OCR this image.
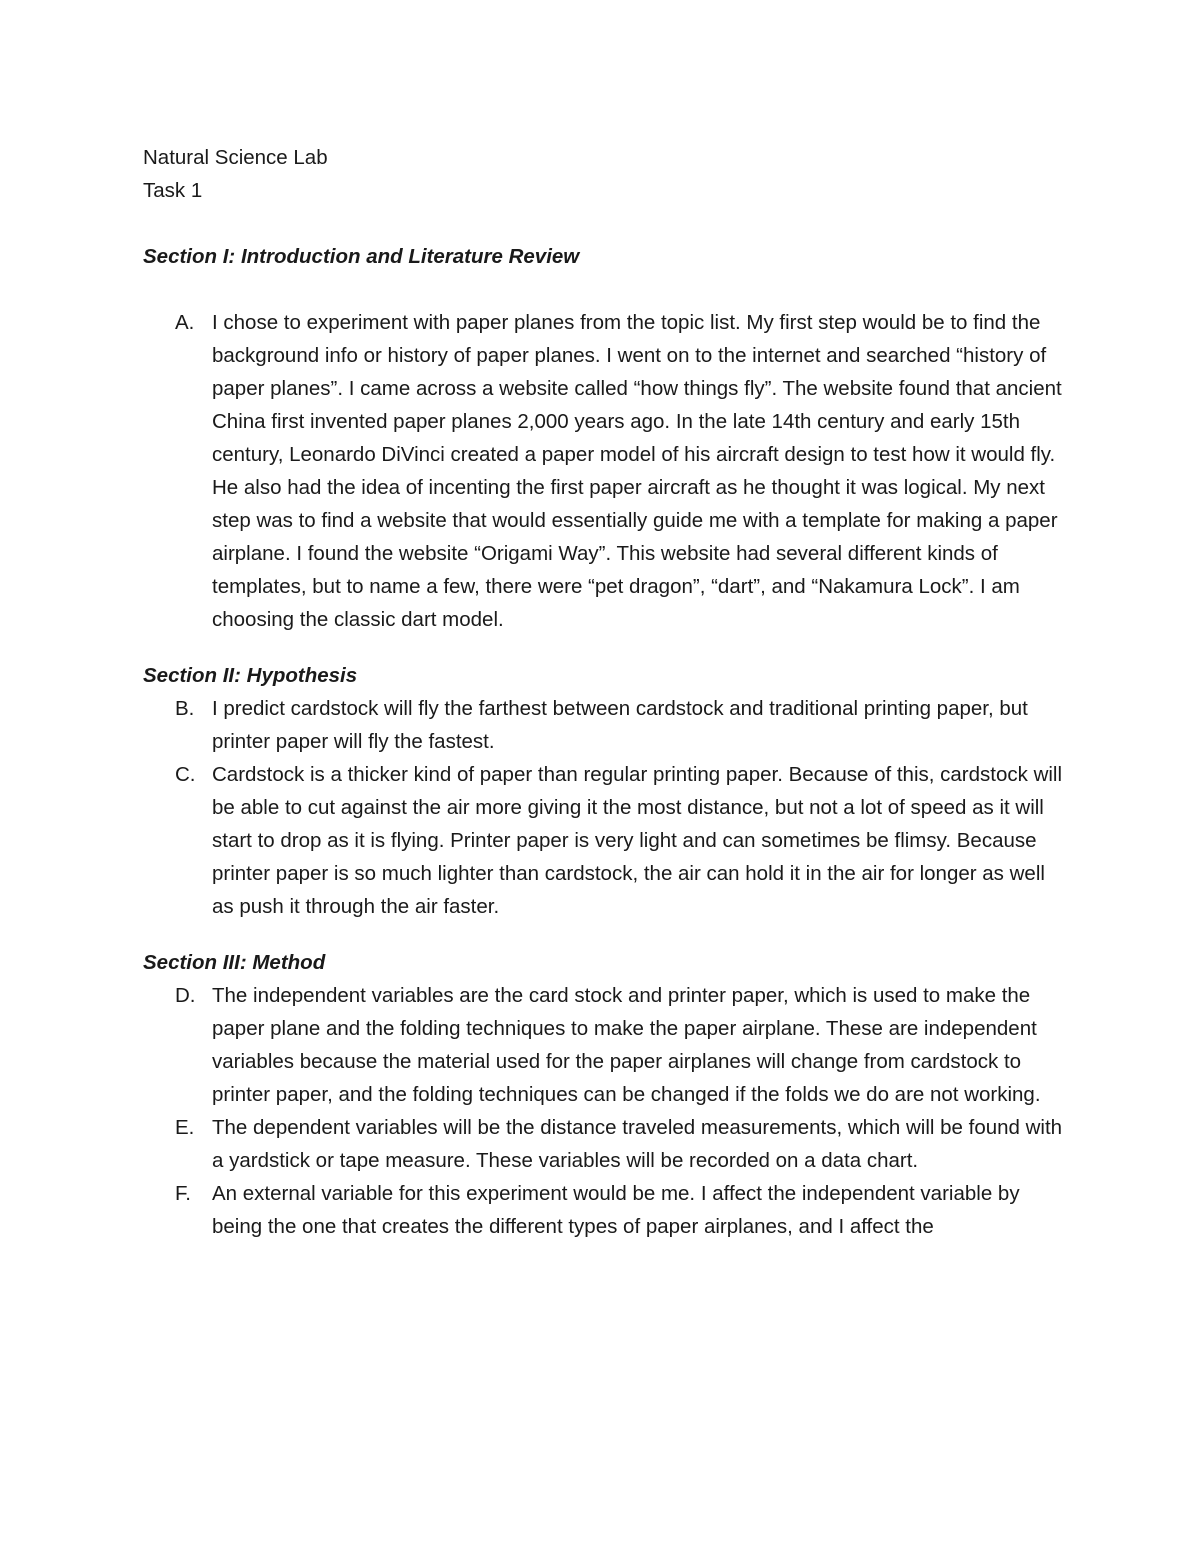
Natural Science Lab

Task 1

Section I: Introduction and Literature Review

A. I chose to experiment with paper planes from the topic list. My first step would be to find the background info or history of paper planes. I went on to the internet and searched “history of paper planes”. I came across a website called “how things fly”. The website found that ancient China first invented paper planes 2,000 years ago. In the late 14th century and early 15th century, Leonardo DiVinci created a paper model of his aircraft design to test how it would fly. He also had the idea of incenting the first paper aircraft as he thought it was logical. My next step was to find a website that would essentially guide me with a template for making a paper airplane. I found the website “Origami Way”. This website had several different kinds of templates, but to name a few, there were “pet dragon”, “dart”, and “Nakamura Lock”. I am choosing the classic dart model.

Section II: Hypothesis

B. I predict cardstock will fly the farthest between cardstock and traditional printing paper, but printer paper will fly the fastest.
C. Cardstock is a thicker kind of paper than regular printing paper. Because of this, cardstock will be able to cut against the air more giving it the most distance, but not a lot of speed as it will start to drop as it is flying. Printer paper is very light and can sometimes be flimsy. Because printer paper is so much lighter than cardstock, the air can hold it in the air for longer as well as push it through the air faster.

Section III: Method

D. The independent variables are the card stock and printer paper, which is used to make the paper plane and the folding techniques to make the paper airplane. These are independent variables because the material used for the paper airplanes will change from cardstock to printer paper, and the folding techniques can be changed if the folds we do are not working.
E. The dependent variables will be the distance traveled measurements, which will be found with a yardstick or tape measure. These variables will be recorded on a data chart.
F. An external variable for this experiment would be me. I affect the independent variable by being the one that creates the different types of paper airplanes, and I affect the
